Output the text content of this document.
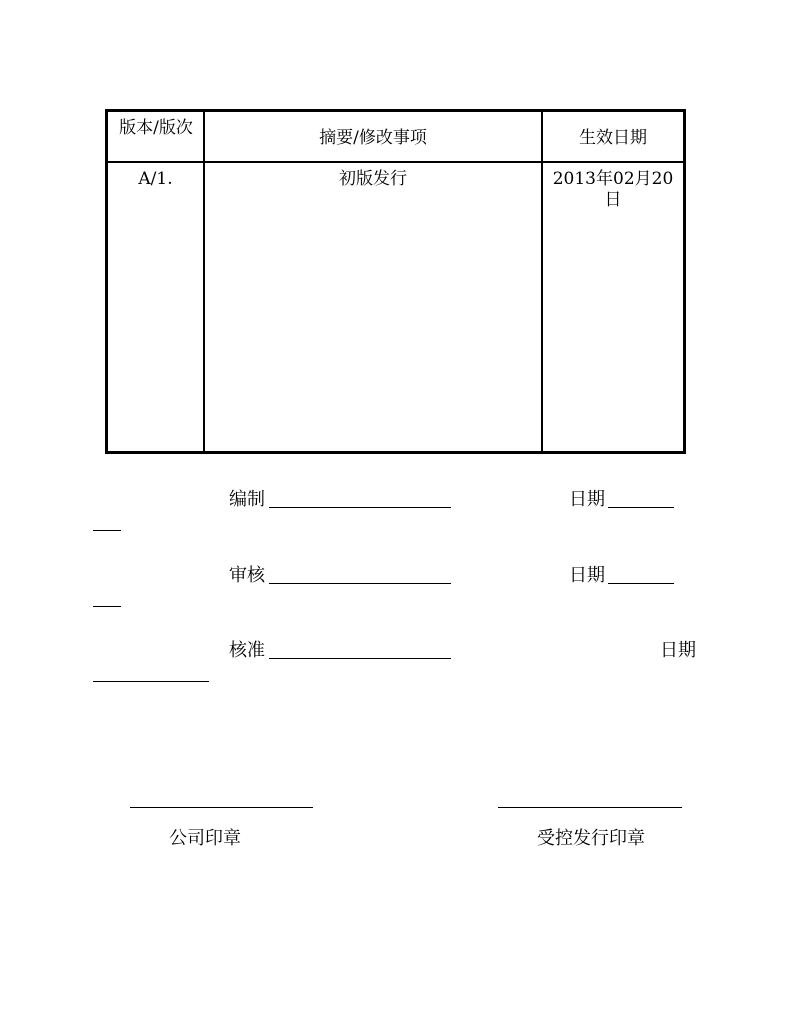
版本/版次	摘要/修改事项	生效日期
A/1.	初版发行	2013年02月20日
编制	日期
审核	日期
核准	日期
公司印章	受控发行印章
